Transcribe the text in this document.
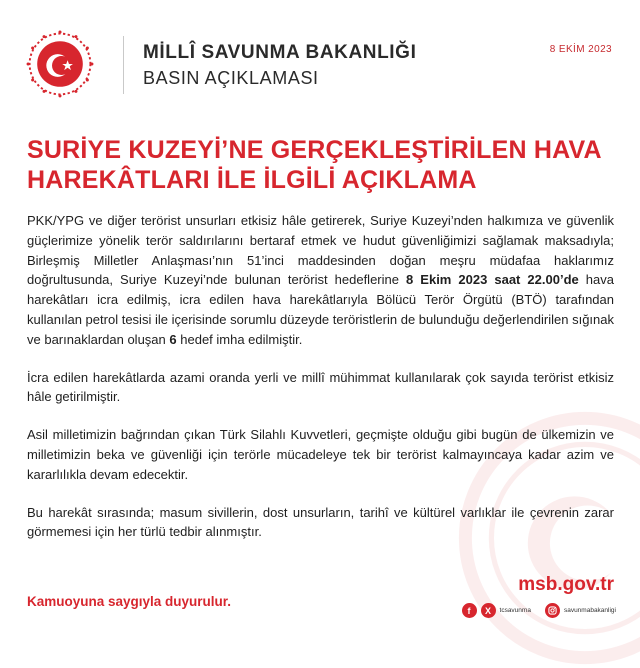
MİLLÎ SAVUNMA BAKANLIĞI
BASIN AÇIKLAMASI
8 EKİM 2023
SURİYE KUZEYİ’NE GERÇEKLEŞTİRİLEN HAVA
HAREKÂTLARI İLE İLGİLİ AÇIKLAMA

PKK/YPG ve diğer terörist unsurları etkisiz hâle getirerek, Suriye Kuzeyi’nden halkımıza ve güvenlik güçlerimize yönelik terör saldırılarını bertaraf etmek ve hudut güvenliğimizi sağlamak maksadıyla; Birleşmiş Milletler Anlaşması’nın 51’inci maddesinden doğan meşru müdafaa haklarımız doğrultusunda, Suriye Kuzeyi’nde bulunan terörist hedeflerine 8 Ekim 2023 saat 22.00’de hava harekâtları icra edilmiş, icra edilen hava harekâtlarıyla Bölücü Terör Örgütü (BTÖ) tarafından kullanılan petrol tesisi ile içerisinde sorumlu düzeyde teröristlerin de bulunduğu değerlendirilen sığınak ve barınaklardan oluşan 6 hedef imha edilmiştir.

İcra edilen harekâtlarda azami oranda yerli ve millî mühimmat kullanılarak çok sayıda terörist etkisiz hâle getirilmiştir.

Asil milletimizin bağrından çıkan Türk Silahlı Kuvvetleri, geçmişte olduğu gibi bugün de ülkemizin ve milletimizin beka ve güvenliği için terörle mücadeleye tek bir terörist kalmayıncaya kadar azim ve kararlılıkla devam edecektir.

Bu harekât sırasında; masum sivillerin, dost unsurların, tarihî ve kültürel varlıklar ile çevrenin zarar görmemesi için her türlü tedbir alınmıştır.

Kamuoyuna saygıyla duyurulur.
msb.gov.tr
f	X	tcsavunma	savunmabakanligi
